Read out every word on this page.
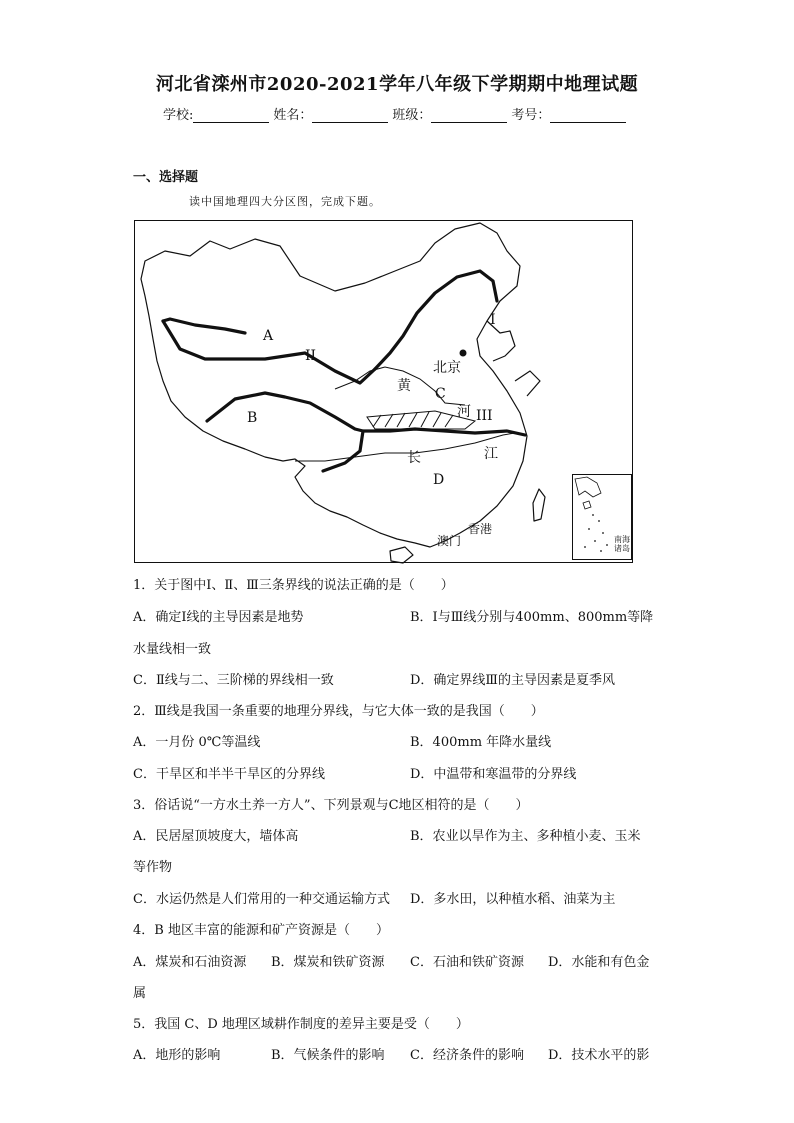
河北省滦州市2020-2021学年八年级下学期期中地理试题
学校:	姓名：	班级：	考号：
一、选择题
读中国地理四大分区图，完成下题。
A
B
C
D
I
II
III
北京
黄
河
长	江
香港
澳门	南海诸岛
1．关于图中Ⅰ、Ⅱ、Ⅲ三条界线的说法正确的是（　　）
A．确定Ⅰ线的主导因素是地势	B．Ⅰ与Ⅲ线分别与400mm、800mm等降
水量线相一致
C．Ⅱ线与二、三阶梯的界线相一致	D．确定界线Ⅲ的主导因素是夏季风
2．Ⅲ线是我国一条重要的地理分界线，与它大体一致的是我国（　　）
A．一月份 0℃等温线	B．400mm 年降水量线
C．干旱区和半半干旱区的分界线	D．中温带和寒温带的分界线
3．俗话说“一方水土养一方人”、下列景观与C地区相符的是（　　）
A．民居屋顶坡度大，墙体高	B．农业以旱作为主、多种植小麦、玉米
等作物
C．水运仍然是人们常用的一种交通运输方式 D．多水田，以种植水稻、油菜为主
4．B 地区丰富的能源和矿产资源是（　　）
A．煤炭和石油资源 B．煤炭和铁矿资源 C．石油和铁矿资源 D．水能和有色金
属
5．我国 C、D 地理区域耕作制度的差异主要是受（　　）
A．地形的影响	B．气候条件的影响 C．经济条件的影响 D．技术水平的影
